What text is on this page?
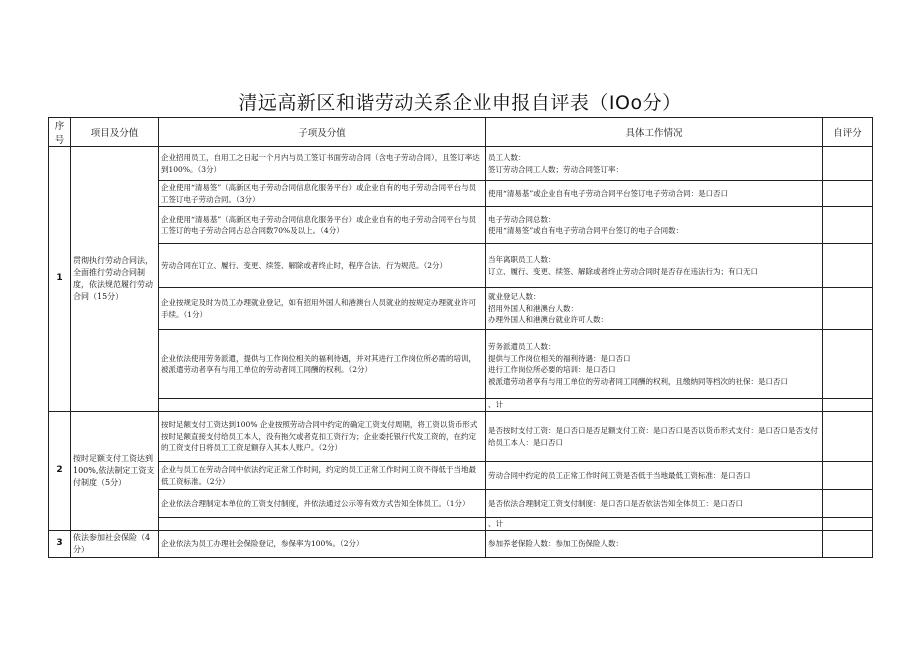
清远高新区和谐劳动关系企业申报自评表（IOo分）
序号	项目及分值	子项及分值	具体工作情况	自评分
1	贯彻执行劳动合同法，全面推行劳动合同制度，依法规范履行劳动合同（15分）	企业招用员工，自用工之日起一个月内与员工签订书面劳动合同（含电子劳动合同），且签订率达到100%。（3分）	员工人数：
签订劳动合同工人数；劳动合同签订率：	

		企业使用“清易签”（高新区电子劳动合同信息化服务平台）或企业自有的电子劳动合同平台与员工签订电子劳动合同。（3分）	使用“清易基”或企业自有电子劳动合同平台签订电子劳动合同：是口否口	

		企业使用“清易基”（高新区电子劳动合同信息化服务平台）或企业自有的电子劳动合同平台与员工签订的电子劳动合同占总合同数70%及以上。（4分）	电子劳动合同总数：
使用“清易签”或自有电子劳动合同平台签订的电子合同数：	

		劳动合同在订立、履行、变更、续签、解除或者终止时，程序合法．行为规范。（2分）	当年离职员工人数：
订立、履行、变更、续签、解除或者终止劳动合同时是否存在违法行为；有口无口	

		企业按规定及时为员工办理就业登记，如有招用外国人和港澳台人员就业的按规定办理就业许可手续。（1分）	就业登记人数：
招用外国人和港澳台人数：
办理外国人和港澳台就业许可人数：	

		企业依法使用劳务派遣，提供与工作岗位相关的福利待遇，并对其进行工作岗位所必需的培训，被派遣劳动者享有与用工单位的劳动者同工同酬的权利。（2分）	劳务派遣员工人数：
提供与工作岗位相关的福利待遇：是口否口
进行工作岗位所必要的培训：是口否口
被派遣劳动者享有与用工单位的劳动者同工同酬的权利，且缴纳同等档次的社保：是口否口	

			、计	
2	按时足额支付工资达到100%,依法制定工资支付制度（5分）	按时足额支付工资达到100% 企业按照劳动合同中约定的确定工资支付周期，将工资以货币形式按时足额直接支付给员工本人，没有拖欠或者克扣工资行为；企业委托银行代发工资的，在约定的工资支付日将员工工资足额存入其本人账户。（2分）	是否按时支付工资：是口否口是否足额支付工资：是口否口是否以货币形式支付：是口否口是否支付给员工本人：是口否口	

		企业与员工在劳动合同中依法约定正常工作时间，约定的员工正常工作时间工资不得低于当地最低工资标准。（2分）	劳动合同中约定的员工正常工作时间工资是否低于当地最低工资标准：是口否口	

		企业依法合理制定本单位的工资支付制度，并依法通过公示等有效方式告知全体员工。（1分）	是否依法合理制定工资支付制度：是口否口是否依法告知全体员工：是口否口	

			、计	
3	依法参加社会保险（4分）	企业依法为员工办理社会保险登记，参保率为100%。（2分）	参加养老保险人数：参加工伤保险人数：	
